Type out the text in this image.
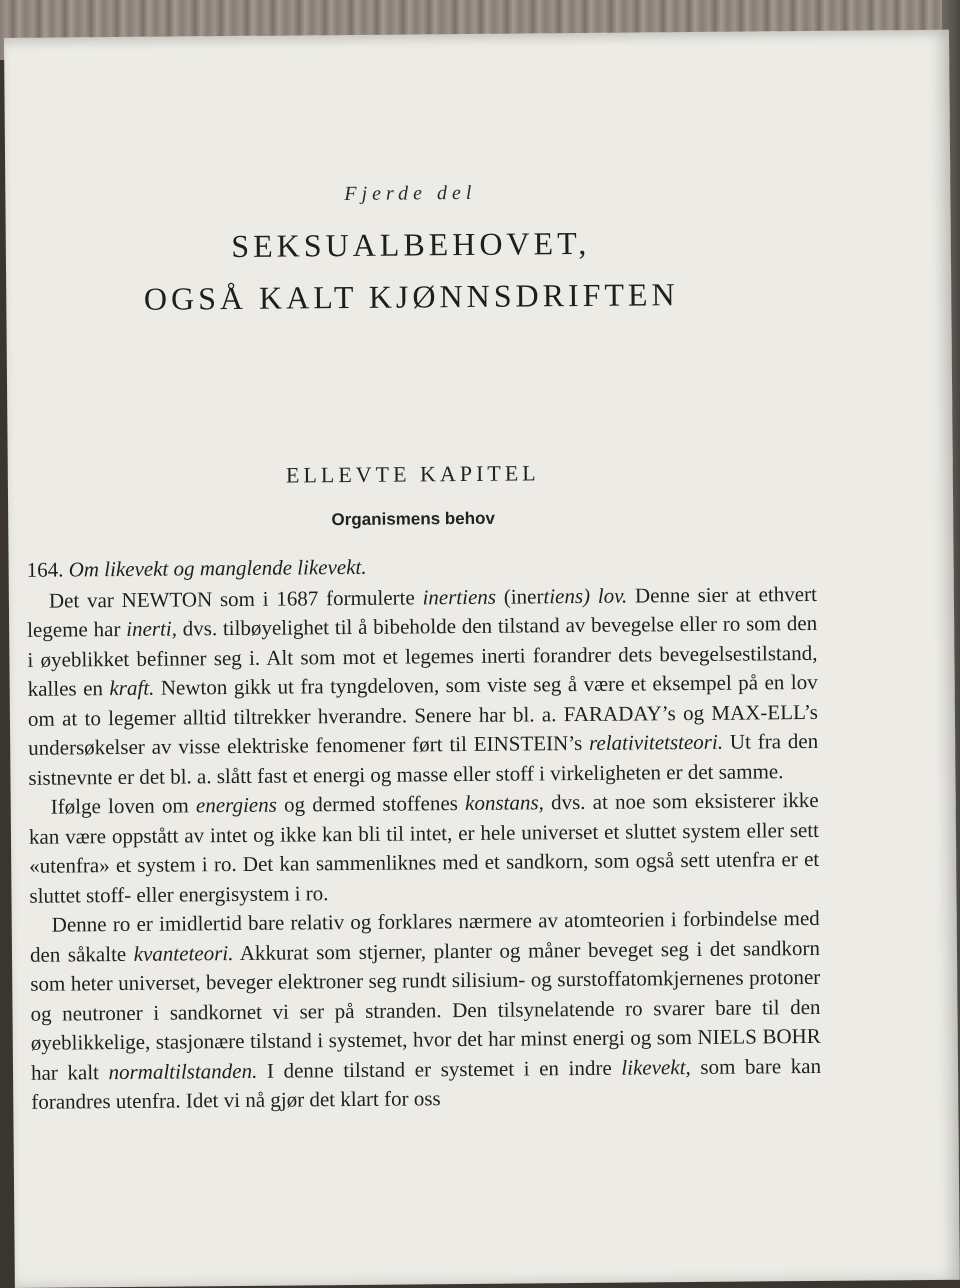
Fjerde del
SEKSUALBEHOVET,
OGSÅ KALT KJØNNSDRIFTEN
ELLEVTE KAPITEL
Organismens behov
164. Om likevekt og manglende likevekt.

Det var NEWTON som i 1687 formulerte inertiens (inertiens) lov. Denne sier at ethvert legeme har inerti, dvs. tilbøyelighet til å bibeholde den tilstand av bevegelse eller ro som den i øyeblikket befinner seg i. Alt som mot et legemes inerti forandrer dets bevegelsestilstand, kalles en kraft. Newton gikk ut fra tyngdeloven, som viste seg å være et eksempel på en lov om at to legemer alltid tiltrekker hverandre. Senere har bl. a. FARADAY’s og MAX-ELL’s undersøkelser av visse elektriske fenomener ført til EINSTEIN’s relativitetsteori. Ut fra den sistnevnte er det bl. a. slått fast et energi og masse eller stoff i virkeligheten er det samme.

Ifølge loven om energiens og dermed stoffenes konstans, dvs. at noe som eksisterer ikke kan være oppstått av intet og ikke kan bli til intet, er hele universet et sluttet system eller sett «utenfra» et system i ro. Det kan sammenliknes med et sandkorn, som også sett utenfra er et sluttet stoff- eller energisystem i ro.

Denne ro er imidlertid bare relativ og forklares nærmere av atomteorien i forbindelse med den såkalte kvanteteori. Akkurat som stjerner, planter og måner beveget seg i det sandkorn som heter universet, beveger elektroner seg rundt silisium- og surstoffatomkjernenes protoner og neutroner i sandkornet vi ser på stranden. Den tilsynelatende ro svarer bare til den øyeblikkelige, stasjonære tilstand i systemet, hvor det har minst energi og som NIELS BOHR har kalt normaltilstanden. I denne tilstand er systemet i en indre likevekt, som bare kan forandres utenfra. Idet vi nå gjør det klart for oss
